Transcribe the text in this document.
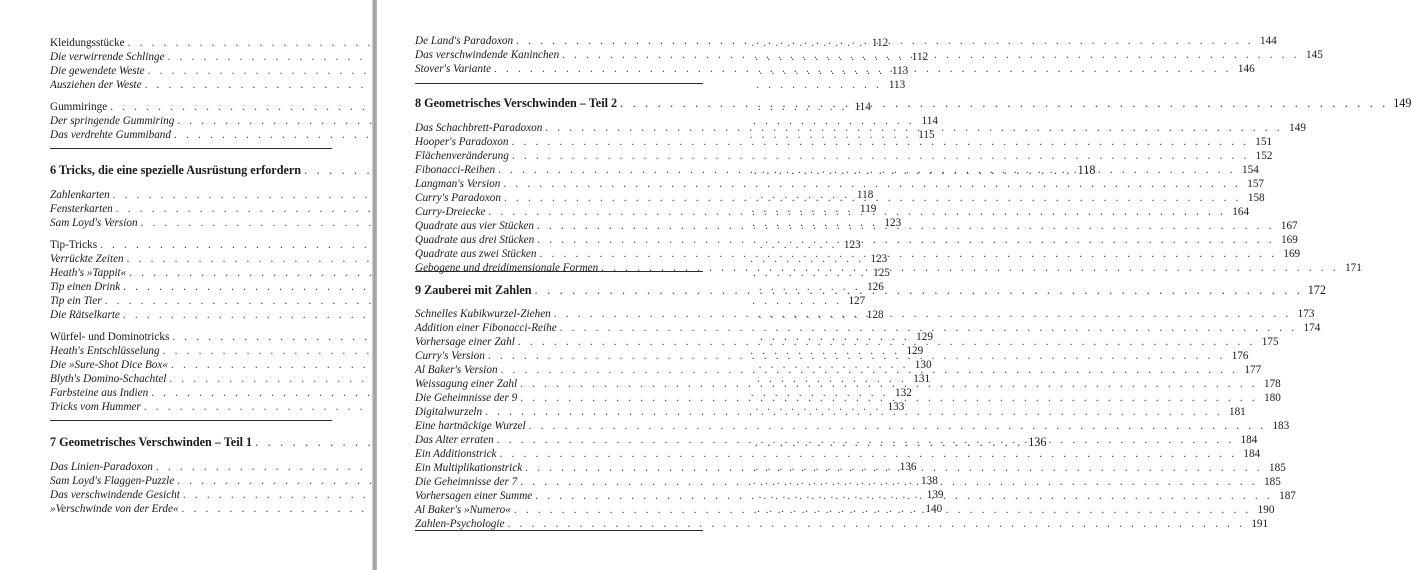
Kleidungsstücke . . .	112
Die verwirrende Schlinge . . .	112
Die gewendete Weste . . .	113
Ausziehen der Weste . . .	113
Gummiringe . . .	114
Der springende Gummiring . . .	114
Das verdrehte Gummiband . . .	115
6 Tricks, die eine spezielle Ausrüstung erfordern . . .	118
Zahlenkarten . . .	118
Fensterkarten . . .	119
Sam Loyd's Version . . .	123
Tip-Tricks . . .	123
Verrückte Zeiten . . .	123
Heath's »Tappit« . . .	125
Tip einen Drink . . .	126
Tip ein Tier . . .	127
Die Rätselkarte . . .	128
Würfel- und Dominotricks . . .	129
Heath's Entschlüsselung . . .	129
Die »Sure-Shot Dice Box« . . .	130
Blyth's Domino-Schachtel . . .	131
Farbsteine aus Indien . . .	132
Tricks vom Hummer . . .	133
7 Geometrisches Verschwinden – Teil 1 . . .	136
Das Linien-Paradoxon . . .	136
Sam Loyd's Flaggen-Puzzle . . .	138
Das verschwindende Gesicht . . .	139
»Verschwinde von der Erde« . . .	140
De Land's Paradoxon . . .	144
Das verschwindende Kaninchen . . .	145
Stover's Variante . . .	146
8 Geometrisches Verschwinden – Teil 2 . . .	149
Das Schachbrett-Paradoxon . . .	149
Hooper's Paradoxon . . .	151
Flächenveränderung . . .	152
Fibonacci-Reihen . . .	154
Langman's Version . . .	157
Curry's Paradoxon . . .	158
Curry-Dreiecke . . .	164
Quadrate aus vier Stücken . . .	167
Quadrate aus drei Stücken . . .	169
Quadrate aus zwei Stücken . . .	169
Gebogene und dreidimensionale Formen . . .	171
9 Zauberei mit Zahlen . . .	172
Schnelles Kubikwurzel-Ziehen . . .	173
Addition einer Fibonacci-Reihe . . .	174
Vorhersage einer Zahl . . .	175
Curry's Version . . .	176
Al Baker's Version . . .	177
Weissagung einer Zahl . . .	178
Die Geheimnisse der 9 . . .	180
Digitalwurzeln . . .	181
Eine hartnäckige Wurzel . . .	183
Das Alter erraten . . .	184
Ein Additionstrick . . .	184
Ein Multiplikationstrick . . .	185
Die Geheimnisse der 7 . . .	185
Vorhersagen einer Summe . . .	187
Al Baker's »Numero« . . .	190
Zahlen-Psychologie . . .	191
